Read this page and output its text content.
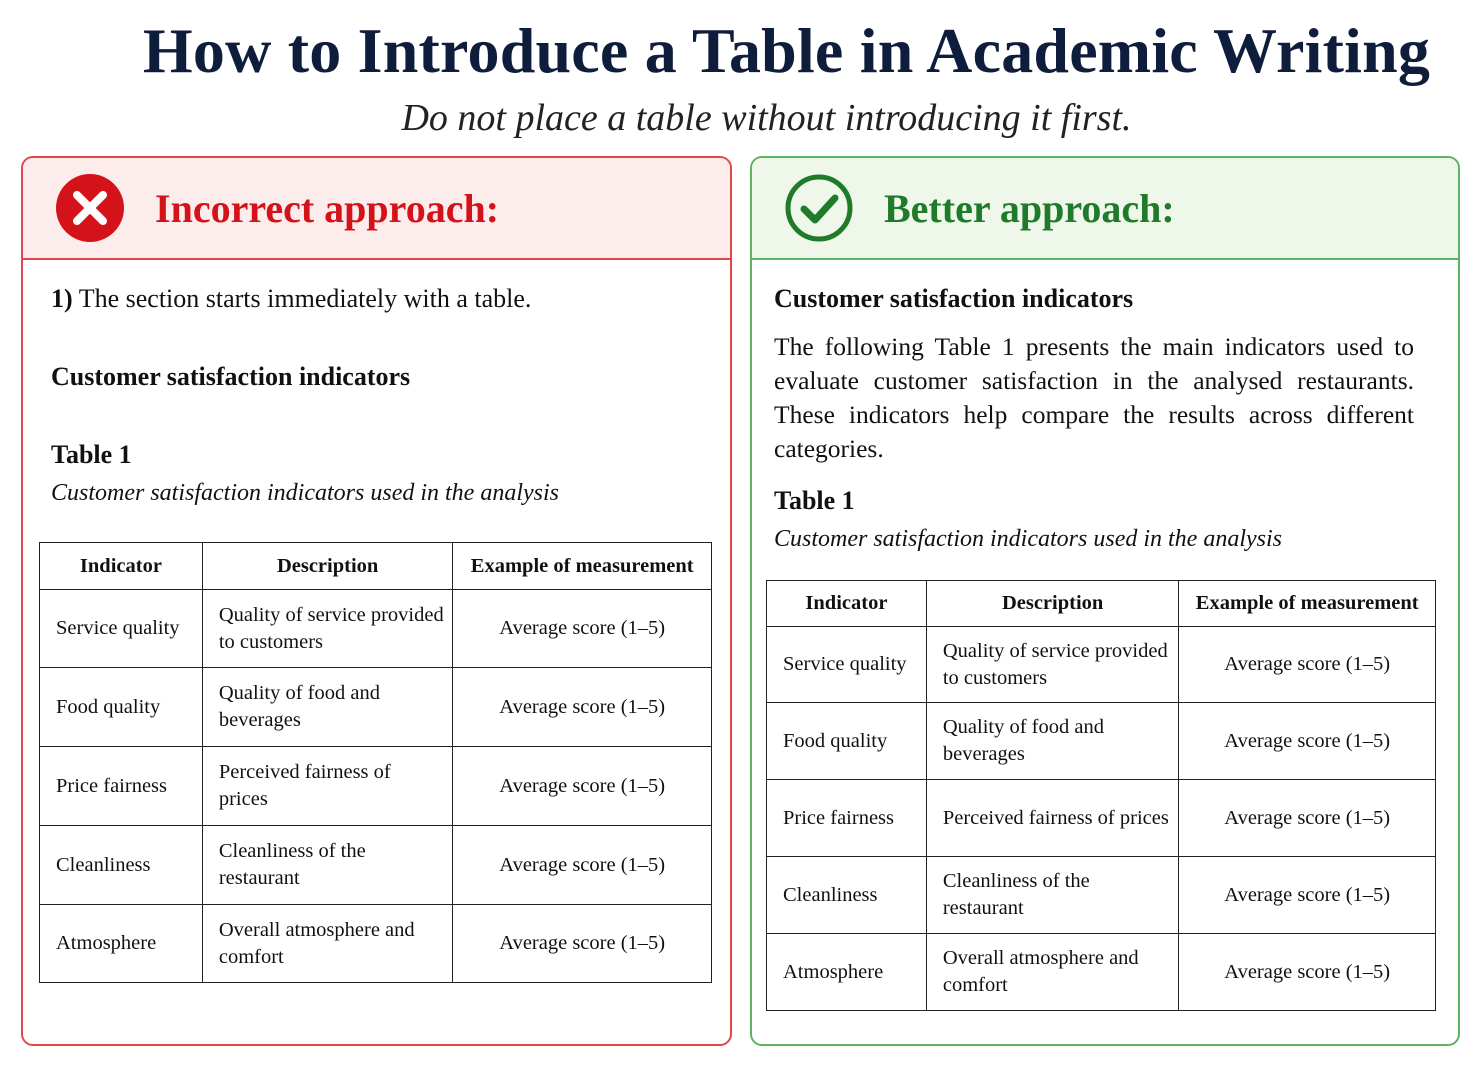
How to Introduce a Table in Academic Writing
Do not place a table without introducing it first.
Incorrect approach:
1) The section starts immediately with a table.
Customer satisfaction indicators
Table 1
Customer satisfaction indicators used in the analysis
Indicator	Description	Example of measurement
Service quality	Quality of service provided to customers	Average score (1–5)
Food quality	Quality of food and beverages	Average score (1–5)
Price fairness	Perceived fairness of prices	Average score (1–5)
Cleanliness	Cleanliness of the restaurant	Average score (1–5)
Atmosphere	Overall atmosphere and comfort	Average score (1–5)
Better approach:
Customer satisfaction indicators
The following Table 1 presents the main indicators used to evaluate customer satisfaction in the analysed restaurants. These indicators help compare the results across different categories.
Table 1
Customer satisfaction indicators used in the analysis
Indicator	Description	Example of measurement
Service quality	Quality of service provided to customers	Average score (1–5)
Food quality	Quality of food and beverages	Average score (1–5)
Price fairness	Perceived fairness of prices	Average score (1–5)
Cleanliness	Cleanliness of the restaurant	Average score (1–5)
Atmosphere	Overall atmosphere and comfort	Average score (1–5)
